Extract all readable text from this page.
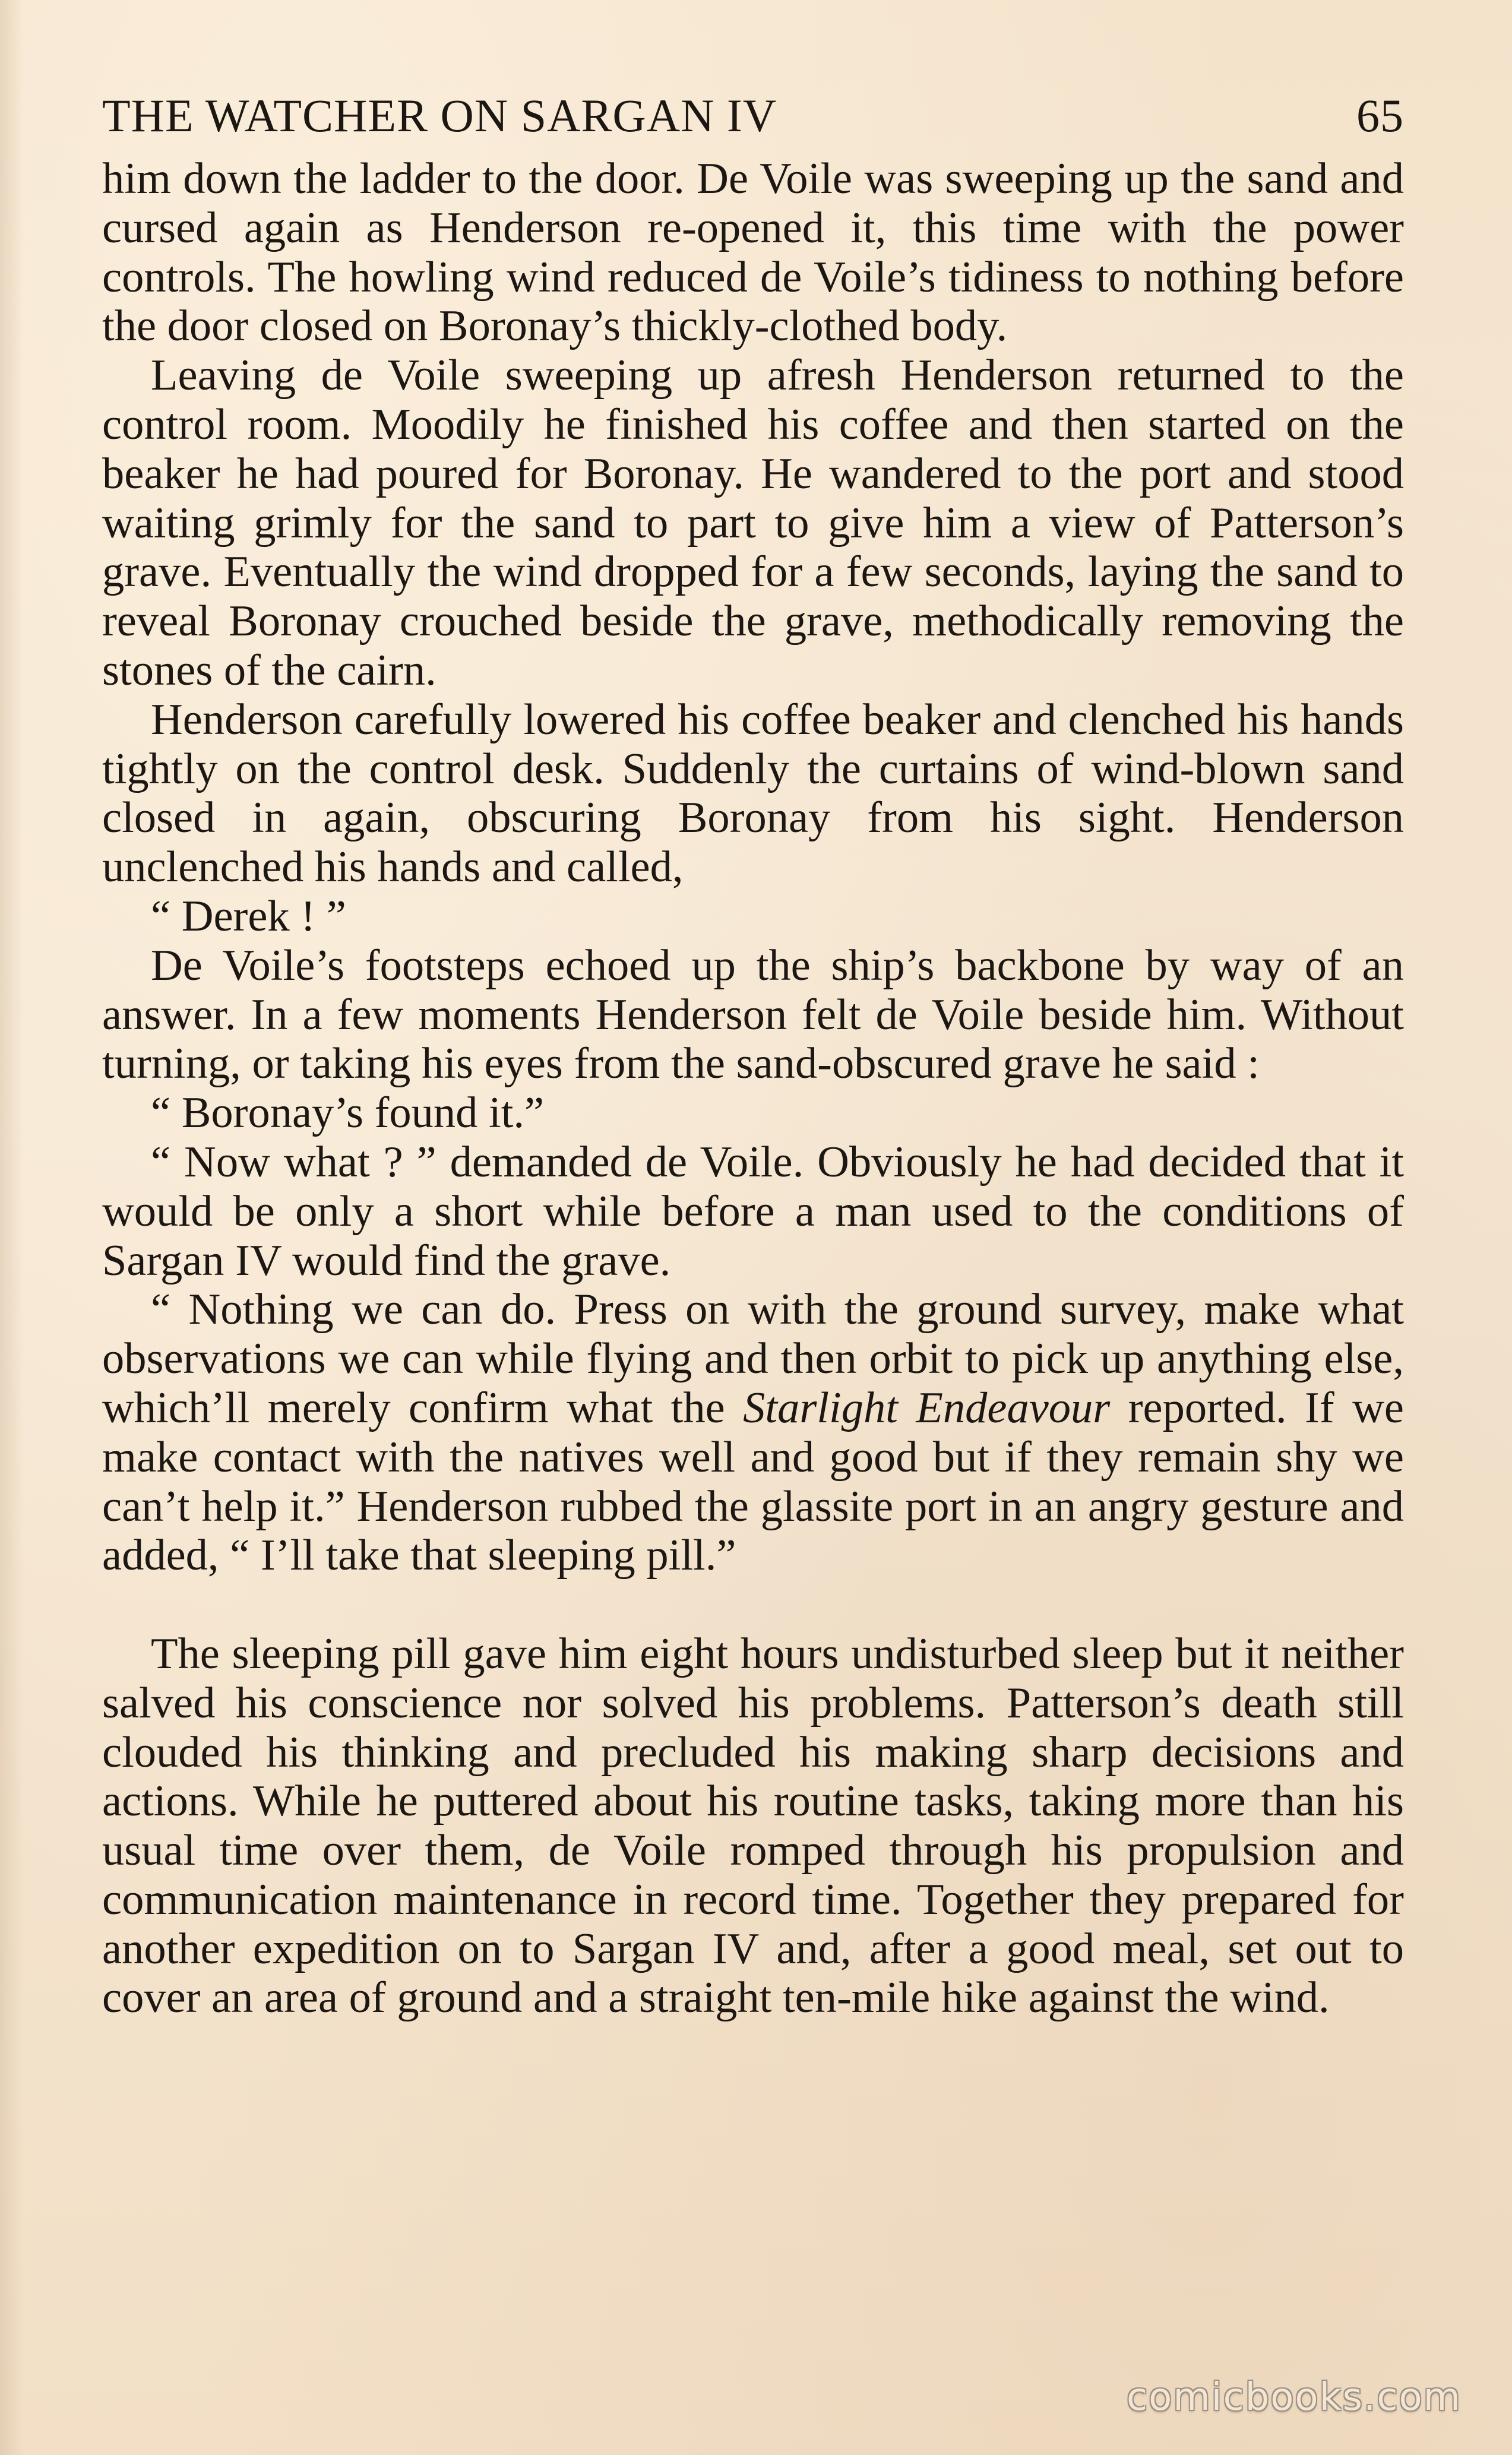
THE WATCHER ON SARGAN IV	65

him down the ladder to the door. De Voile was sweeping up the sand and cursed again as Henderson re-opened it, this time with the power controls. The howling wind reduced de Voile’s tidiness to nothing before the door closed on Boronay’s thickly-clothed body.

Leaving de Voile sweeping up afresh Henderson returned to the control room. Moodily he finished his coffee and then started on the beaker he had poured for Boronay. He wandered to the port and stood waiting grimly for the sand to part to give him a view of Patterson’s grave. Eventually the wind dropped for a few seconds, laying the sand to reveal Boronay crouched beside the grave, methodically removing the stones of the cairn.

Henderson carefully lowered his coffee beaker and clenched his hands tightly on the control desk. Suddenly the curtains of wind-blown sand closed in again, obscuring Boronay from his sight. Henderson unclenched his hands and called,

“ Derek ! ”

De Voile’s footsteps echoed up the ship’s backbone by way of an answer. In a few moments Henderson felt de Voile beside him. Without turning, or taking his eyes from the sand-obscured grave he said :

“ Boronay’s found it.”

“ Now what ? ” demanded de Voile. Obviously he had decided that it would be only a short while before a man used to the conditions of Sargan IV would find the grave.

“ Nothing we can do. Press on with the ground survey, make what observations we can while flying and then orbit to pick up anything else, which’ll merely confirm what the Starlight Endeavour reported. If we make contact with the natives well and good but if they remain shy we can’t help it.” Henderson rubbed the glassite port in an angry gesture and added, “ I’ll take that sleeping pill.”

The sleeping pill gave him eight hours undisturbed sleep but it neither salved his conscience nor solved his problems. Patterson’s death still clouded his thinking and precluded his making sharp decisions and actions. While he puttered about his routine tasks, taking more than his usual time over them, de Voile romped through his propulsion and communication maintenance in record time. Together they prepared for another expedition on to Sargan IV and, after a good meal, set out to cover an area of ground and a straight ten-mile hike against the wind.

comicbooks.com
